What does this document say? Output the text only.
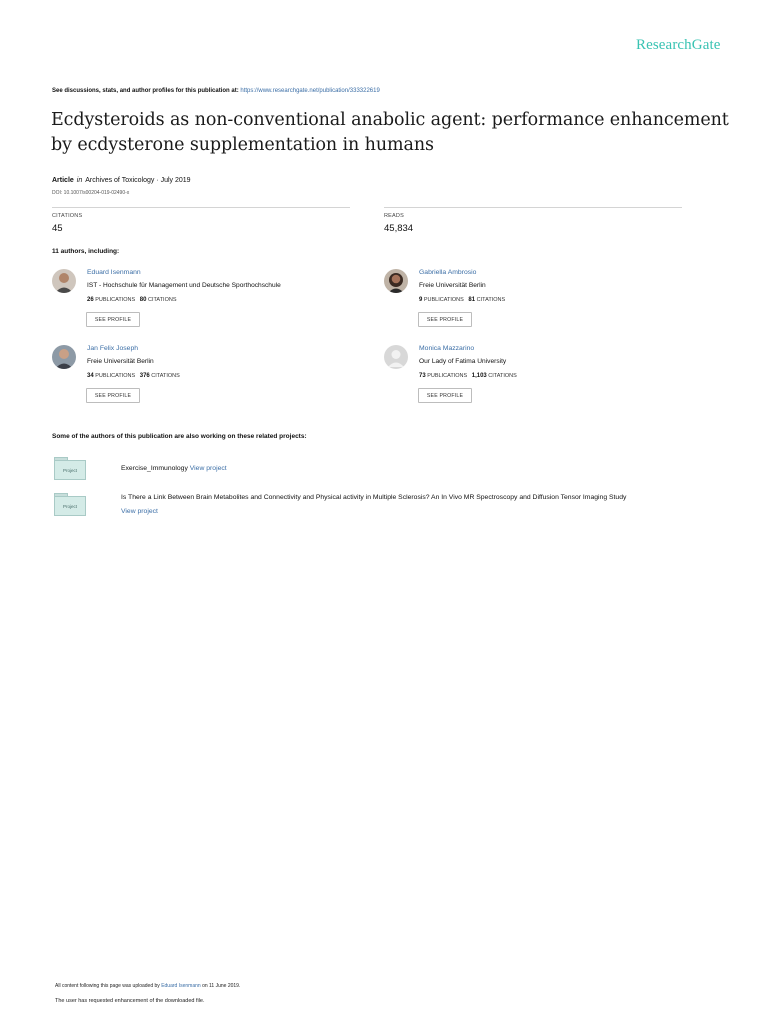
ResearchGate
See discussions, stats, and author profiles for this publication at: https://www.researchgate.net/publication/333322619
Ecdysteroids as non-conventional anabolic agent: performance enhancement by ecdysterone supplementation in humans
Article in Archives of Toxicology · July 2019
DOI: 10.1007/s00204-019-02490-x
CITATIONS
45
READS
45,834
11 authors, including:
Eduard Isenmann
IST - Hochschule für Management und Deutsche Sporthochschule
26 PUBLICATIONS 80 CITATIONS
SEE PROFILE
Gabriella Ambrosio
Freie Universität Berlin
9 PUBLICATIONS 81 CITATIONS
SEE PROFILE
Jan Felix Joseph
Freie Universität Berlin
34 PUBLICATIONS 376 CITATIONS
SEE PROFILE
Monica Mazzarino
Our Lady of Fatima University
73 PUBLICATIONS 1,103 CITATIONS
SEE PROFILE
Some of the authors of this publication are also working on these related projects:
Project	Exercise_Immunology View project
Project
Is There a Link Between Brain Metabolites and Connectivity and Physical activity in Multiple Sclerosis? An In Vivo MR Spectroscopy and Diffusion Tensor Imaging Study
View project
All content following this page was uploaded by Eduard Isenmann on 11 June 2019.
The user has requested enhancement of the downloaded file.
